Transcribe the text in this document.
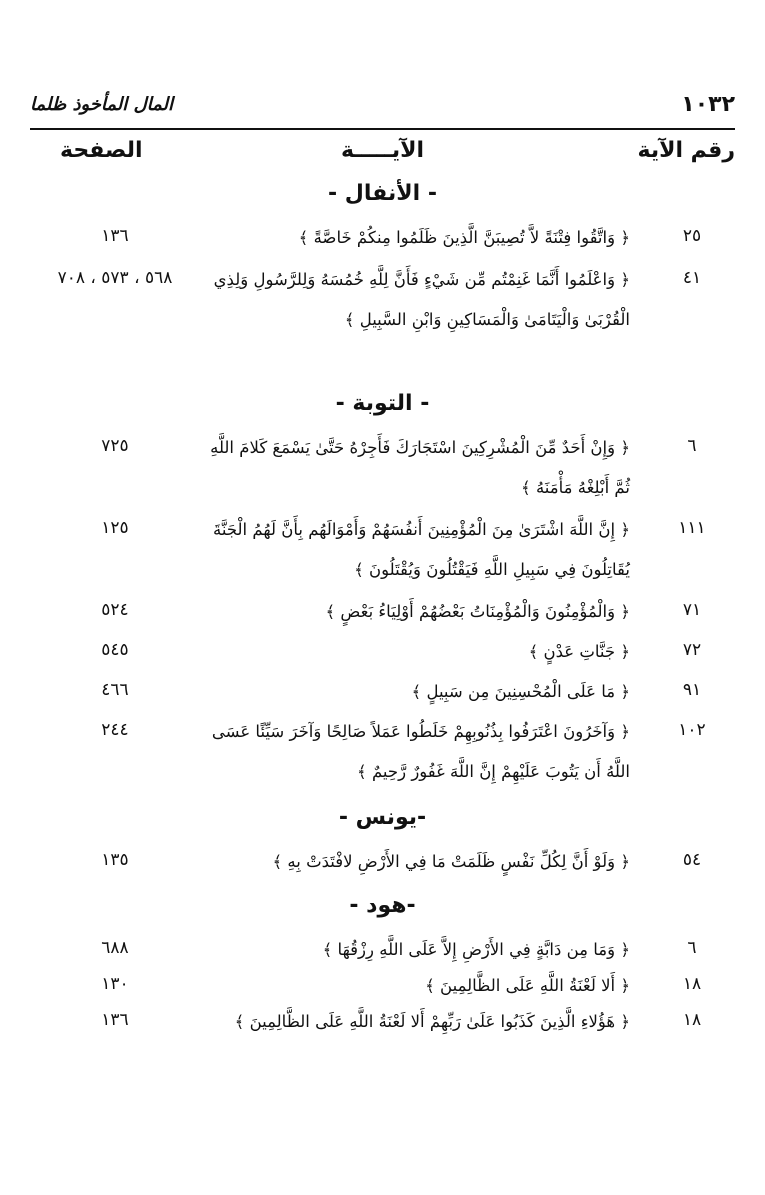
١٠٣٢
المال المأخوذ ظلما
رقم الآية
الآيـــــة
الصفحة
- الأنفال -
٢٥
﴿ وَاتَّقُوا فِتْنَةً لاَّ تُصِيبَنَّ الَّذِينَ ظَلَمُوا مِنكُمْ خَاصَّةً ﴾
١٣٦
٤١
﴿ وَاعْلَمُوا أَنَّمَا غَنِمْتُم مِّن شَيْءٍ فَأَنَّ لِلَّهِ خُمُسَهُ وَلِلرَّسُولِ وَلِذِي الْقُرْبَىٰ وَالْيَتَامَىٰ وَالْمَسَاكِينِ وَابْنِ السَّبِيلِ ﴾
٥٦٨ ، ٥٧٣ ، ٧٠٨
- التوبة -
٦
﴿ وَإِنْ أَحَدٌ مِّنَ الْمُشْرِكِينَ اسْتَجَارَكَ فَأَجِرْهُ حَتَّىٰ يَسْمَعَ كَلامَ اللَّهِ ثُمَّ أَبْلِغْهُ مَأْمَنَهُ ﴾
٧٢٥
١١١
﴿ إِنَّ اللَّهَ اشْتَرَىٰ مِنَ الْمُؤْمِنِينَ أَنفُسَهُمْ وَأَمْوَالَهُم بِأَنَّ لَهُمُ الْجَنَّةَ يُقَاتِلُونَ فِي سَبِيلِ اللَّهِ فَيَقْتُلُونَ وَيُقْتَلُونَ ﴾
١٢٥
٧١
﴿ وَالْمُؤْمِنُونَ وَالْمُؤْمِنَاتُ بَعْضُهُمْ أَوْلِيَاءُ بَعْضٍ ﴾
٥٢٤
٧٢
﴿ جَنَّاتِ عَدْنٍ ﴾
٥٤٥
٩١
﴿ مَا عَلَى الْمُحْسِنِينَ مِن سَبِيلٍ ﴾
٤٦٦
١٠٢
﴿ وَآخَرُونَ اعْتَرَفُوا بِذُنُوبِهِمْ خَلَطُوا عَمَلاً صَالِحًا وَآخَرَ سَيِّئًا عَسَى اللَّهُ أَن يَتُوبَ عَلَيْهِمْ إِنَّ اللَّهَ غَفُورٌ رَّحِيمٌ ﴾
٢٤٤
-يونس -
٥٤
﴿ وَلَوْ أَنَّ لِكُلِّ نَفْسٍ ظَلَمَتْ مَا فِي الأَرْضِ لافْتَدَتْ بِهِ ﴾
١٣٥
-هود -
٦
﴿ وَمَا مِن دَابَّةٍ فِي الأَرْضِ إِلاَّ عَلَى اللَّهِ رِزْقُهَا ﴾
٦٨٨
١٨
﴿ أَلا لَعْنَةُ اللَّهِ عَلَى الظَّالِمِينَ ﴾
١٣٠
١٨
﴿ هَؤُلاءِ الَّذِينَ كَذَبُوا عَلَىٰ رَبِّهِمْ أَلا لَعْنَةُ اللَّهِ عَلَى الظَّالِمِينَ ﴾
١٣٦
